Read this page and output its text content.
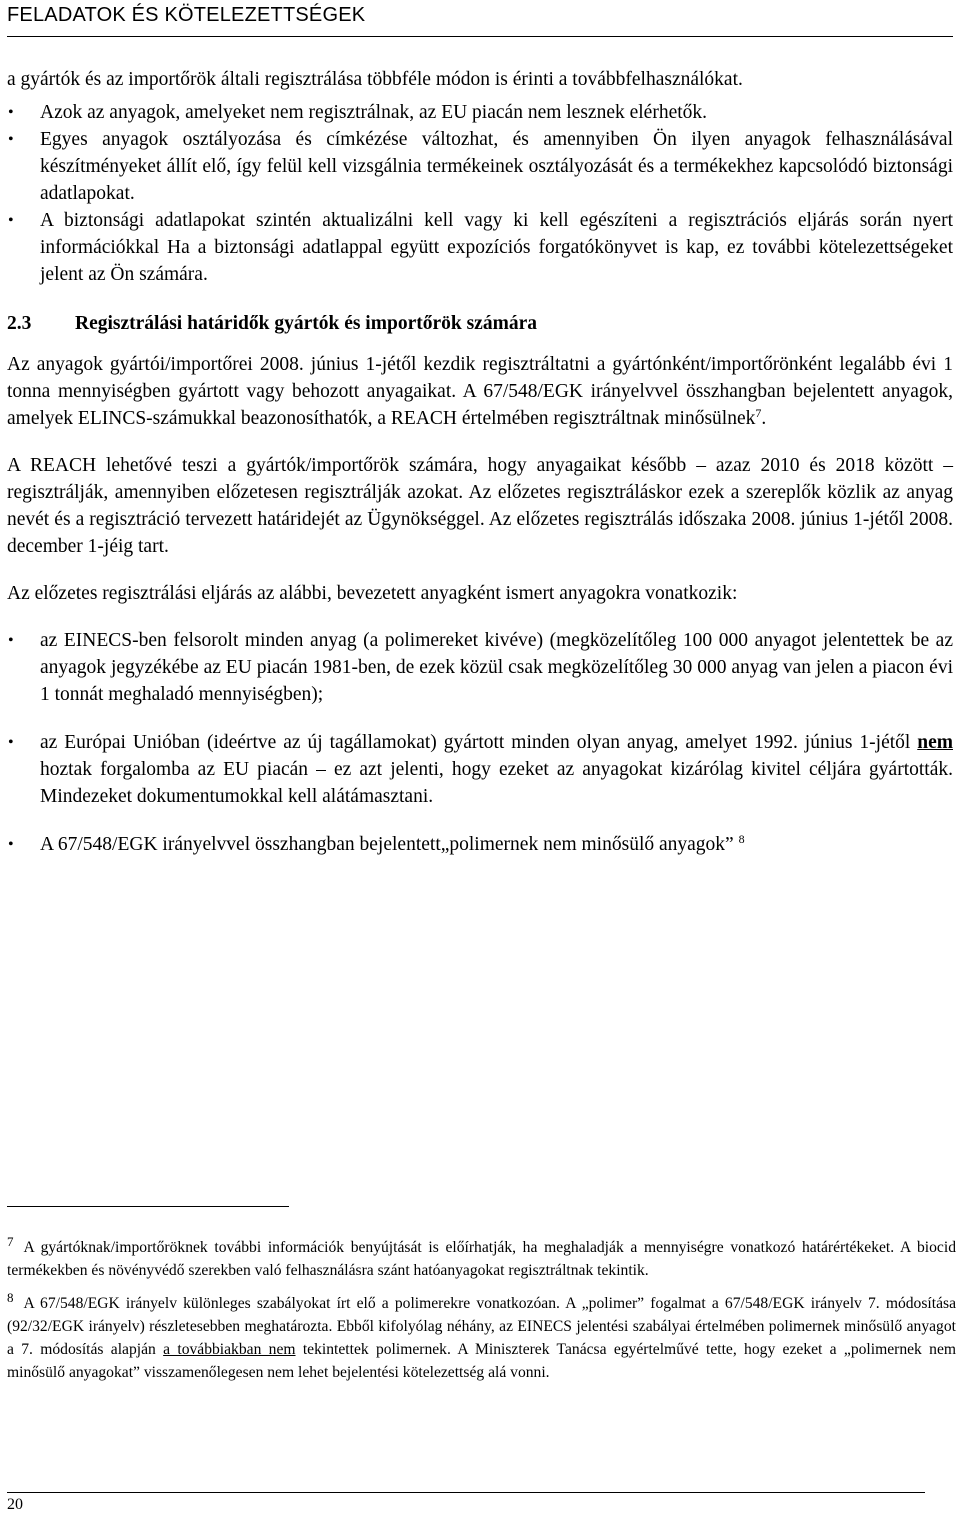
FELADATOK ÉS KÖTELEZETTSÉGEK

a gyártók és az importőrök általi regisztrálása többféle módon is érinti a továbbfelhasználókat.

• Azok az anyagok, amelyeket nem regisztrálnak, az EU piacán nem lesznek elérhetők.
• Egyes anyagok osztályozása és címkézése változhat, és amennyiben Ön ilyen anyagok felhasználásával készítményeket állít elő, így felül kell vizsgálnia termékeinek osztályozását és a termékekhez kapcsolódó biztonsági adatlapokat.
• A biztonsági adatlapokat szintén aktualizálni kell vagy ki kell egészíteni a regisztrációs eljárás során nyert információkkal Ha a biztonsági adatlappal együtt expozíciós forgatókönyvet is kap, ez további kötelezettségeket jelent az Ön számára.
2.3 Regisztrálási határidők gyártók és importőrök számára

Az anyagok gyártói/importőrei 2008. június 1-jétől kezdik regisztráltatni a gyártónként/importőrönként legalább évi 1 tonna mennyiségben gyártott vagy behozott anyagaikat. A 67/548/EGK irányelvvel összhangban bejelentett anyagok, amelyek ELINCS-számukkal beazonosíthatók, a REACH értelmében regisztráltnak minősülnek$^7$.

A REACH lehetővé teszi a gyártók/importőrök számára, hogy anyagaikat később – azaz 2010 és 2018 között – regisztrálják, amennyiben előzetesen regisztrálják azokat. Az előzetes regisztráláskor ezek a szereplők közlik az anyag nevét és a regisztráció tervezett határidejét az Ügynökséggel. Az előzetes regisztrálás időszaka 2008. június 1-jétől 2008. december 1-jéig tart.

Az előzetes regisztrálási eljárás az alábbi, bevezetett anyagként ismert anyagokra vonatkozik:

• az EINECS-ben felsorolt minden anyag (a polimereket kivéve) (megközelítőleg 100 000 anyagot jelentettek be az anyagok jegyzékébe az EU piacán 1981-ben, de ezek közül csak megközelítőleg 30 000 anyag van jelen a piacon évi 1 tonnát meghaladó mennyiségben);
• az Európai Unióban (ideértve az új tagállamokat) gyártott minden olyan anyag, amelyet 1992. június 1-jétől nem hoztak forgalomba az EU piacán – ez azt jelenti, hogy ezeket az anyagokat kizárólag kivitel céljára gyártották. Mindezeket dokumentumokkal kell alátámasztani.
• A 67/548/EGK irányelvvel összhangban bejelentett„polimernek nem minősülő anyagok” $^8$

$^7$ A gyártóknak/importőröknek további információk benyújtását is előírhatják, ha meghaladják a mennyiségre vonatkozó határértékeket. A biocid termékekben és növényvédő szerekben való felhasználásra szánt hatóanyagokat regisztráltnak tekintik.

$^8$ A 67/548/EGK irányelv különleges szabályokat írt elő a polimerekre vonatkozóan. A „polimer” fogalmat a 67/548/EGK irányelv 7. módosítása (92/32/EGK irányelv) részletesebben meghatározta. Ebből kifolyólag néhány, az EINECS jelentési szabályai értelmében polimernek minősülő anyagot a 7. módosítás alapján a továbbiakban nem tekintettek polimernek. A Miniszterek Tanácsa egyértelművé tette, hogy ezeket a „polimernek nem minősülő anyagokat” visszamenőlegesen nem lehet bejelentési kötelezettség alá vonni.

20
